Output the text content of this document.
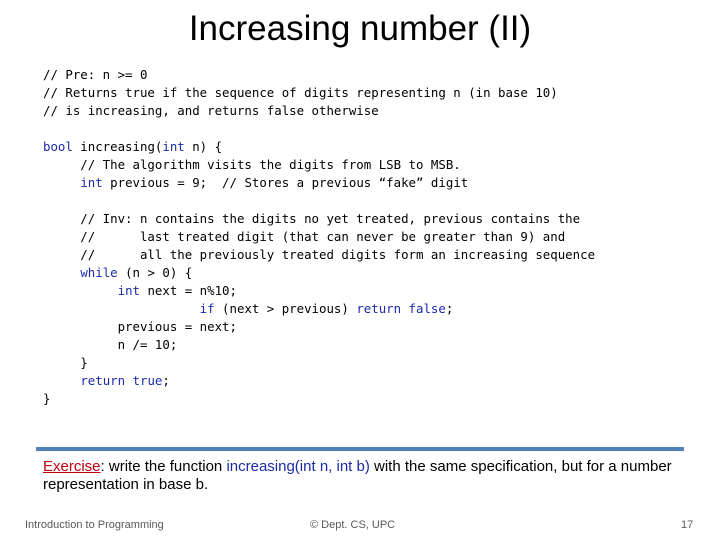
Increasing number (II)
// Pre: n >= 0
// Returns true if the sequence of digits representing n (in base 10)
// is increasing, and returns false otherwise
bool increasing(int n) {
// The algorithm visits the digits from LSB to MSB.
int previous = 9;  // Stores a previous “fake” digit
// Inv: n contains the digits no yet treated, previous contains the
//      last treated digit (that can never be greater than 9) and
//      all the previously treated digits form an increasing sequence
while (n > 0) {
int next = n%10;
if (next > previous) return false;
previous = next;
n /= 10;
}
return true;
}
Exercise: write the function increasing(int n, int b) with the same specification, but for a number representation in base b.
Introduction to Programming	© Dept. CS, UPC	17
